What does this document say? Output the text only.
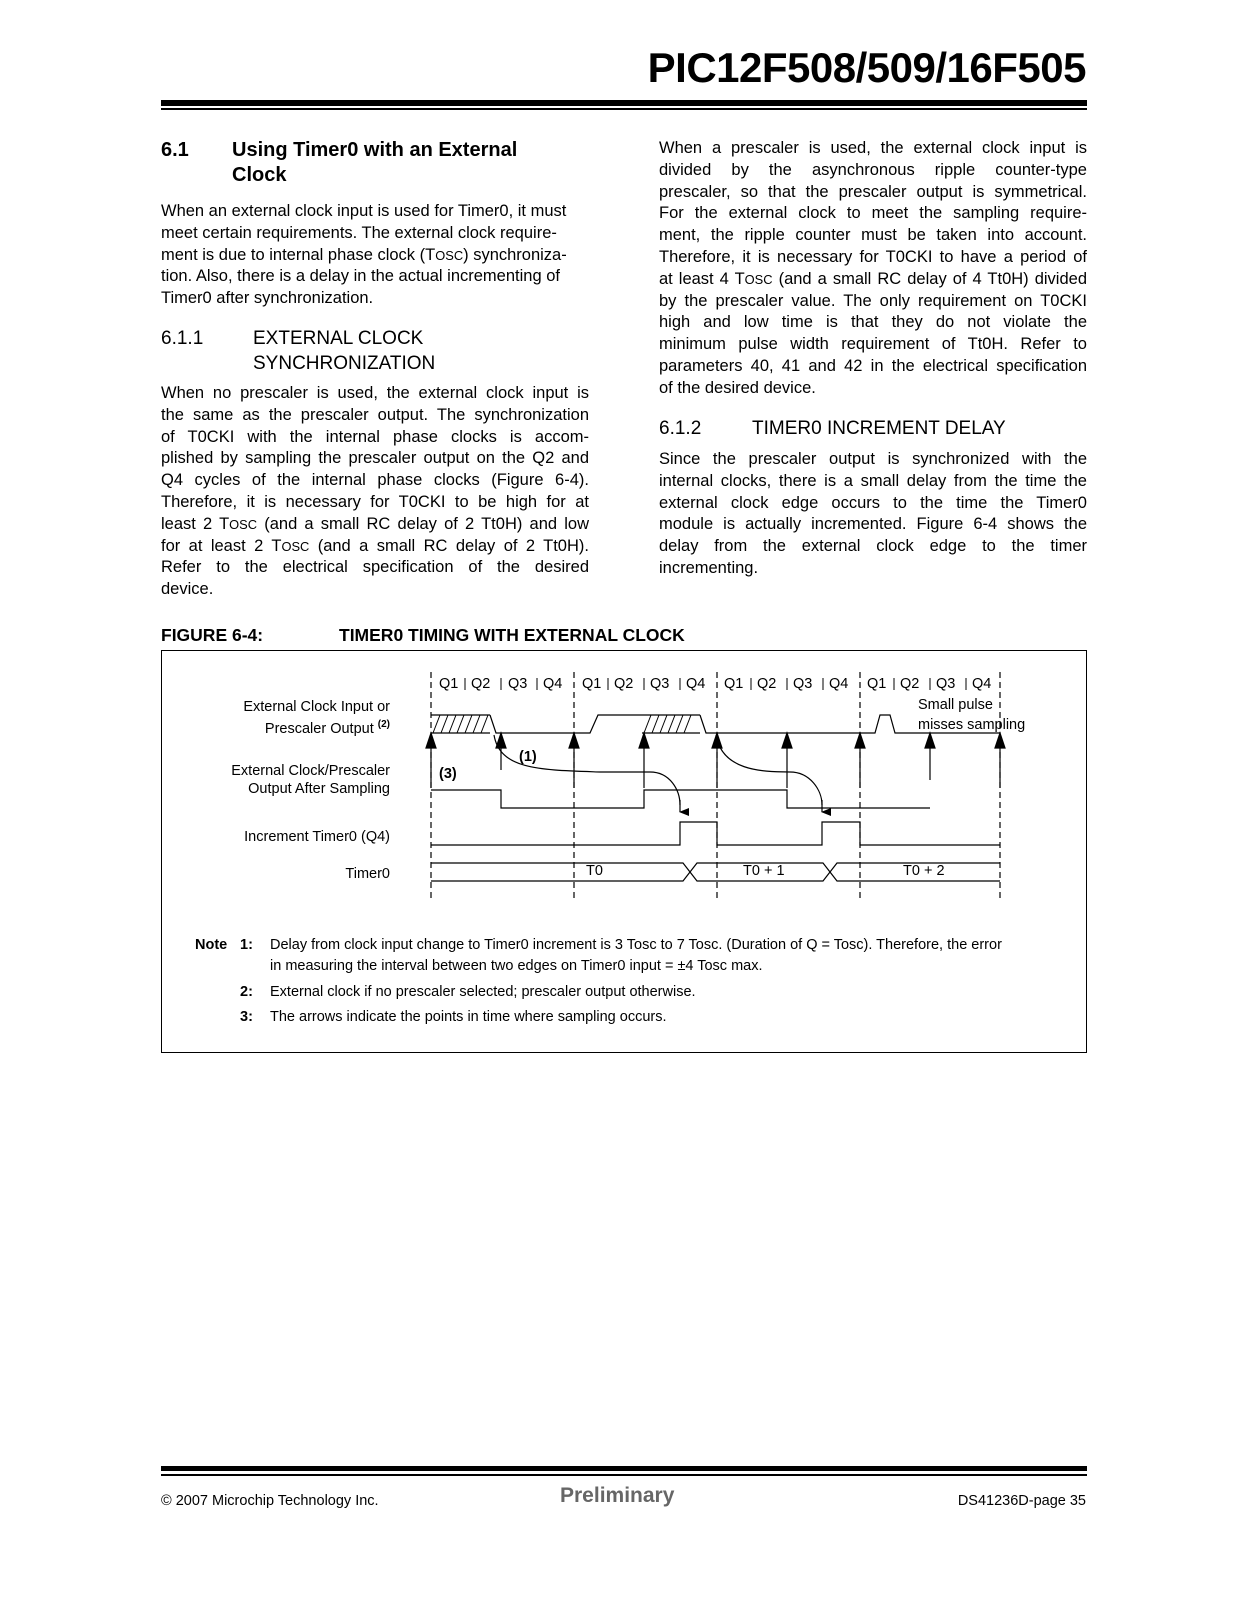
PIC12F508/509/16F505
6.1 Using Timer0 with an External
Clock

When an external clock input is used for Timer0, it must
meet certain requirements. The external clock require-
ment is due to internal phase clock (TOSC) synchroniza-
tion. Also, there is a delay in the actual incrementing of
Timer0 after synchronization.

6.1.1	EXTERNAL CLOCK
SYNCHRONIZATION

When no prescaler is used, the external clock input is

the same as the prescaler output. The synchronization

of T0CKI with the internal phase clocks is accom-

plished by sampling the prescaler output on the Q2 and

Q4 cycles of the internal phase clocks (Figure 6-4).

Therefore, it is necessary for T0CKI to be high for at

least 2 TOSC (and a small RC delay of 2 Tt0H) and low

for at least 2 TOSC (and a small RC delay of 2 Tt0H).

Refer to the electrical specification of the desired

device.

When a prescaler is used, the external clock input is

divided by the asynchronous ripple counter-type

prescaler, so that the prescaler output is symmetrical.

For the external clock to meet the sampling require-

ment, the ripple counter must be taken into account.

Therefore, it is necessary for T0CKI to have a period of

at least 4 TOSC (and a small RC delay of 4 Tt0H) divided

by the prescaler value. The only requirement on T0CKI

high and low time is that they do not violate the

minimum pulse width requirement of Tt0H. Refer to

parameters 40, 41 and 42 in the electrical specification

of the desired device.

6.1.2	TIMER0 INCREMENT DELAY

Since the prescaler output is synchronized with the

internal clocks, there is a small delay from the time the

external clock edge occurs to the time the Timer0

module is actually incremented. Figure 6-4 shows the

delay from the external clock edge to the timer

incrementing.

FIGURE 6-4:	TIMER0 TIMING WITH EXTERNAL CLOCK
Q1 Q2 Q3 Q4 Q1 Q2 Q3 Q4 Q1 Q2 Q3 Q4 Q1 Q2 Q3 Q4
External Clock Input or
Prescaler Output $^{(2)}$
External Clock/Prescaler
Output After Sampling
Increment Timer0 (Q4)
Timer0
(1)
(3)
Small pulse
misses sampling
T0	T0 + 1	T0 + 2
Note 1: Delay from clock input change to Timer0 increment is 3 Tosc to 7 Tosc. (Duration of Q = Tosc). Therefore, the error
in measuring the interval between two edges on Timer0 input = ±4 Tosc max.
2: External clock if no prescaler selected; prescaler output otherwise.
3: The arrows indicate the points in time where sampling occurs.
© 2007 Microchip Technology Inc.	Preliminary	DS41236D-page 35
